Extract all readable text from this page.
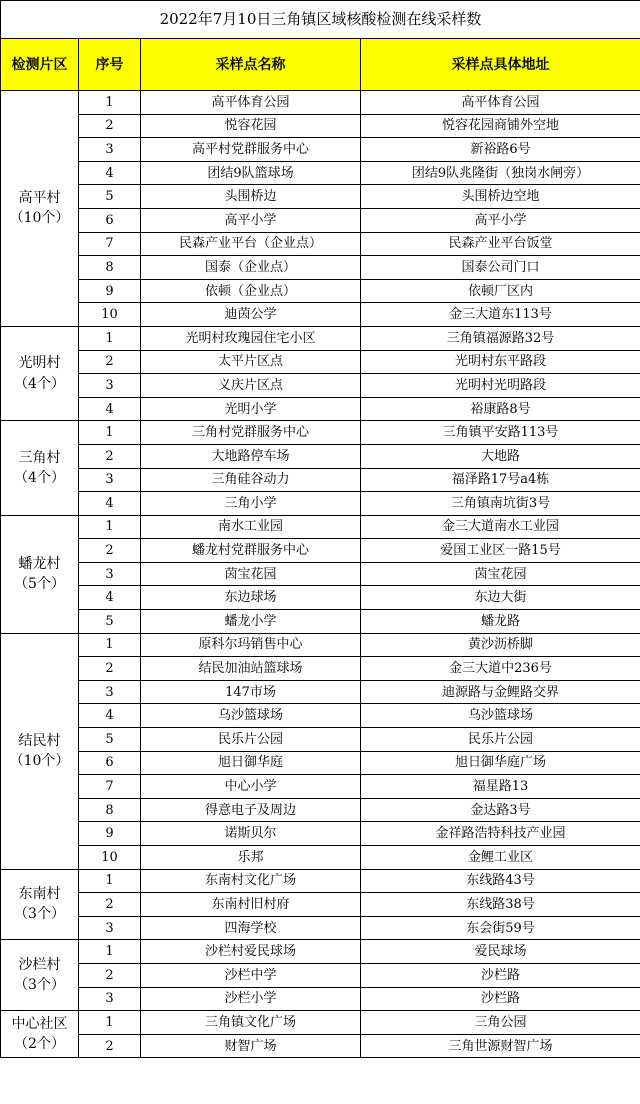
2022年7月10日三角镇区域核酸检测在线采样数			
检测片区	序号	采样点名称	采样点具体地址

高平村
（10个）	1	高平体育公园	高平体育公园
	2	悦容花园	悦容花园商铺外空地
	3	高平村党群服务中心	新裕路6号
	4	团结9队篮球场	团结9队兆隆街（独岗水闸旁）
	5	头围桥边	头围桥边空地
	6	高平小学	高平小学
	7	民森产业平台（企业点）	民森产业平台饭堂
	8	国泰（企业点）	国泰公司门口
	9	依顿（企业点）	依顿厂区内
	10	迪茵公学	金三大道东113号

光明村
（4个）	1	光明村玫瑰园住宅小区	三角镇福源路32号
	2	太平片区点	光明村东平路段
	3	义庆片区点	光明村光明路段
	4	光明小学	裕康路8号

三角村
（4个）	1	三角村党群服务中心	三角镇平安路113号
	2	大地路停车场	大地路
	3	三角硅谷动力	福泽路17号a4栋
	4	三角小学	三角镇南坑街3号

蟠龙村
（5个）	1	南水工业园	金三大道南水工业园
	2	蟠龙村党群服务中心	爱国工业区一路15号
	3	茵宝花园	茵宝花园
	4	东边球场	东边大街
	5	蟠龙小学	蟠龙路

结民村
（10个）	1	原科尔玛销售中心	黄沙沥桥脚
	2	结民加油站篮球场	金三大道中236号
	3	147市场	迪源路与金鲤路交界
	4	乌沙篮球场	乌沙篮球场
	5	民乐片公园	民乐片公园
	6	旭日御华庭	旭日御华庭广场
	7	中心小学	福星路13
	8	得意电子及周边	金达路3号
	9	诺斯贝尔	金祥路浩特科技产业园
	10	乐邦	金鲤工业区

东南村
（3个）	1	东南村文化广场	东线路43号
	2	东南村旧村府	东线路38号
	3	四海学校	东会街59号

沙栏村
（3个）	1	沙栏村爱民球场	爱民球场
	2	沙栏中学	沙栏路
	3	沙栏小学	沙栏路

中心社区
（2个）	1	三角镇文化广场	三角公园
	2	财智广场	三角世源财智广场
